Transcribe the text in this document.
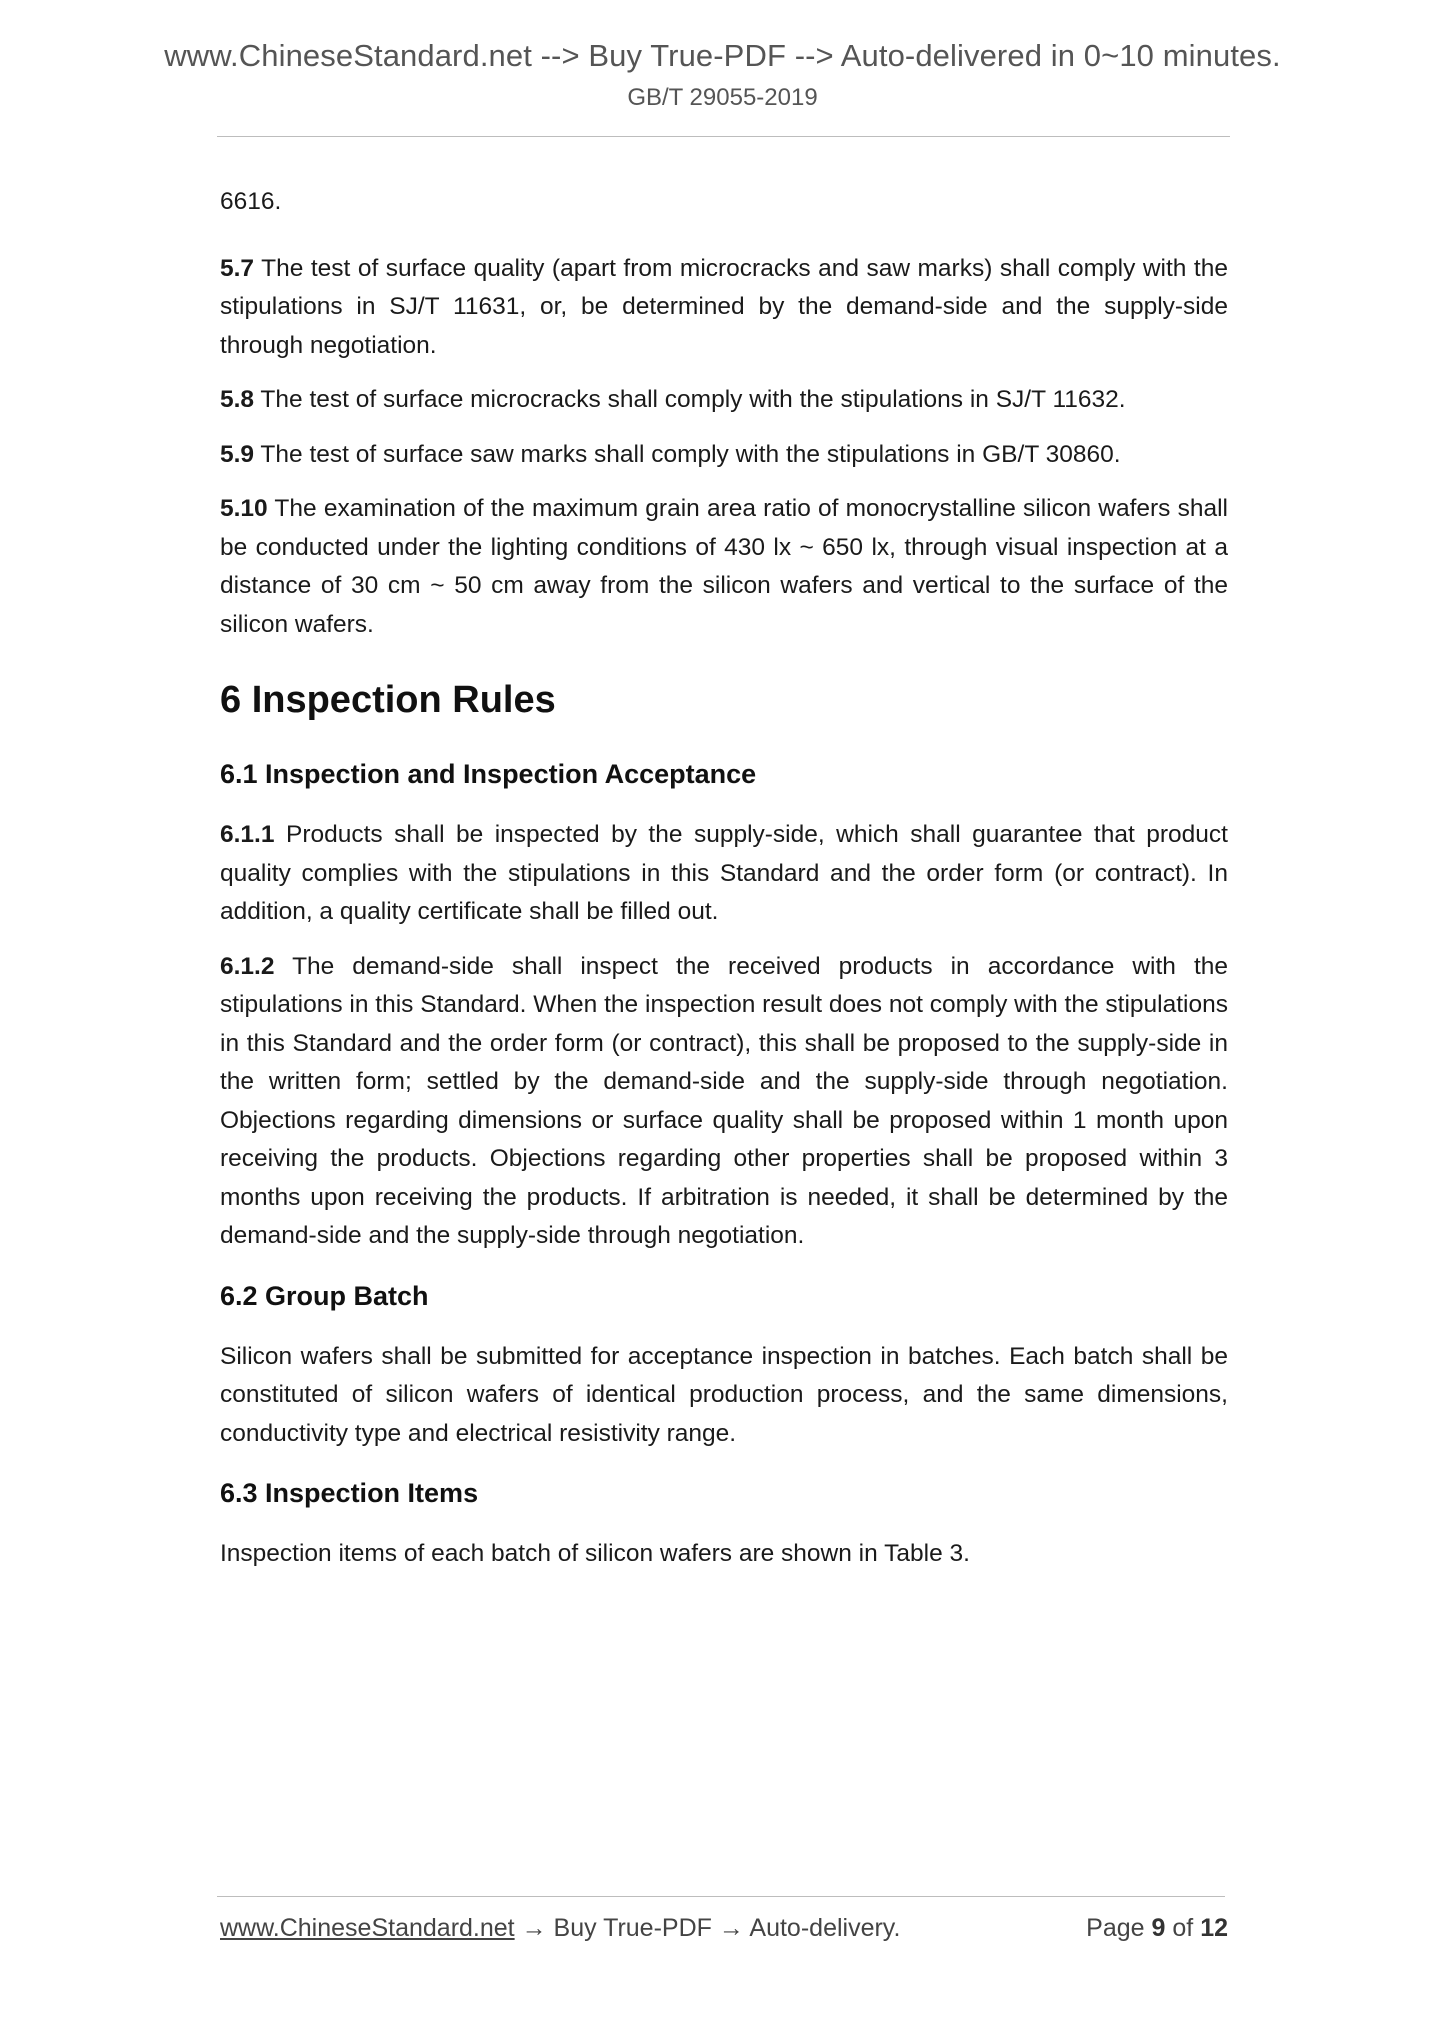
www.ChineseStandard.net --> Buy True-PDF --> Auto-delivered in 0~10 minutes.
GB/T 29055-2019

6616.

5.7 The test of surface quality (apart from microcracks and saw marks) shall comply with the stipulations in SJ/T 11631, or, be determined by the demand-side and the supply-side through negotiation.

5.8 The test of surface microcracks shall comply with the stipulations in SJ/T 11632.

5.9 The test of surface saw marks shall comply with the stipulations in GB/T 30860.

5.10 The examination of the maximum grain area ratio of monocrystalline silicon wafers shall be conducted under the lighting conditions of 430 lx ~ 650 lx, through visual inspection at a distance of 30 cm ~ 50 cm away from the silicon wafers and vertical to the surface of the silicon wafers.

6 Inspection Rules
6.1 Inspection and Inspection Acceptance

6.1.1 Products shall be inspected by the supply-side, which shall guarantee that product quality complies with the stipulations in this Standard and the order form (or contract). In addition, a quality certificate shall be filled out.

6.1.2 The demand-side shall inspect the received products in accordance with the stipulations in this Standard. When the inspection result does not comply with the stipulations in this Standard and the order form (or contract), this shall be proposed to the supply-side in the written form; settled by the demand-side and the supply-side through negotiation. Objections regarding dimensions or surface quality shall be proposed within 1 month upon receiving the products. Objections regarding other properties shall be proposed within 3 months upon receiving the products. If arbitration is needed, it shall be determined by the demand-side and the supply-side through negotiation.

6.2 Group Batch

Silicon wafers shall be submitted for acceptance inspection in batches. Each batch shall be constituted of silicon wafers of identical production process, and the same dimensions, conductivity type and electrical resistivity range.

6.3 Inspection Items

Inspection items of each batch of silicon wafers are shown in Table 3.

www.ChineseStandard.net → Buy True-PDF → Auto-delivery.	Page 9 of 12
